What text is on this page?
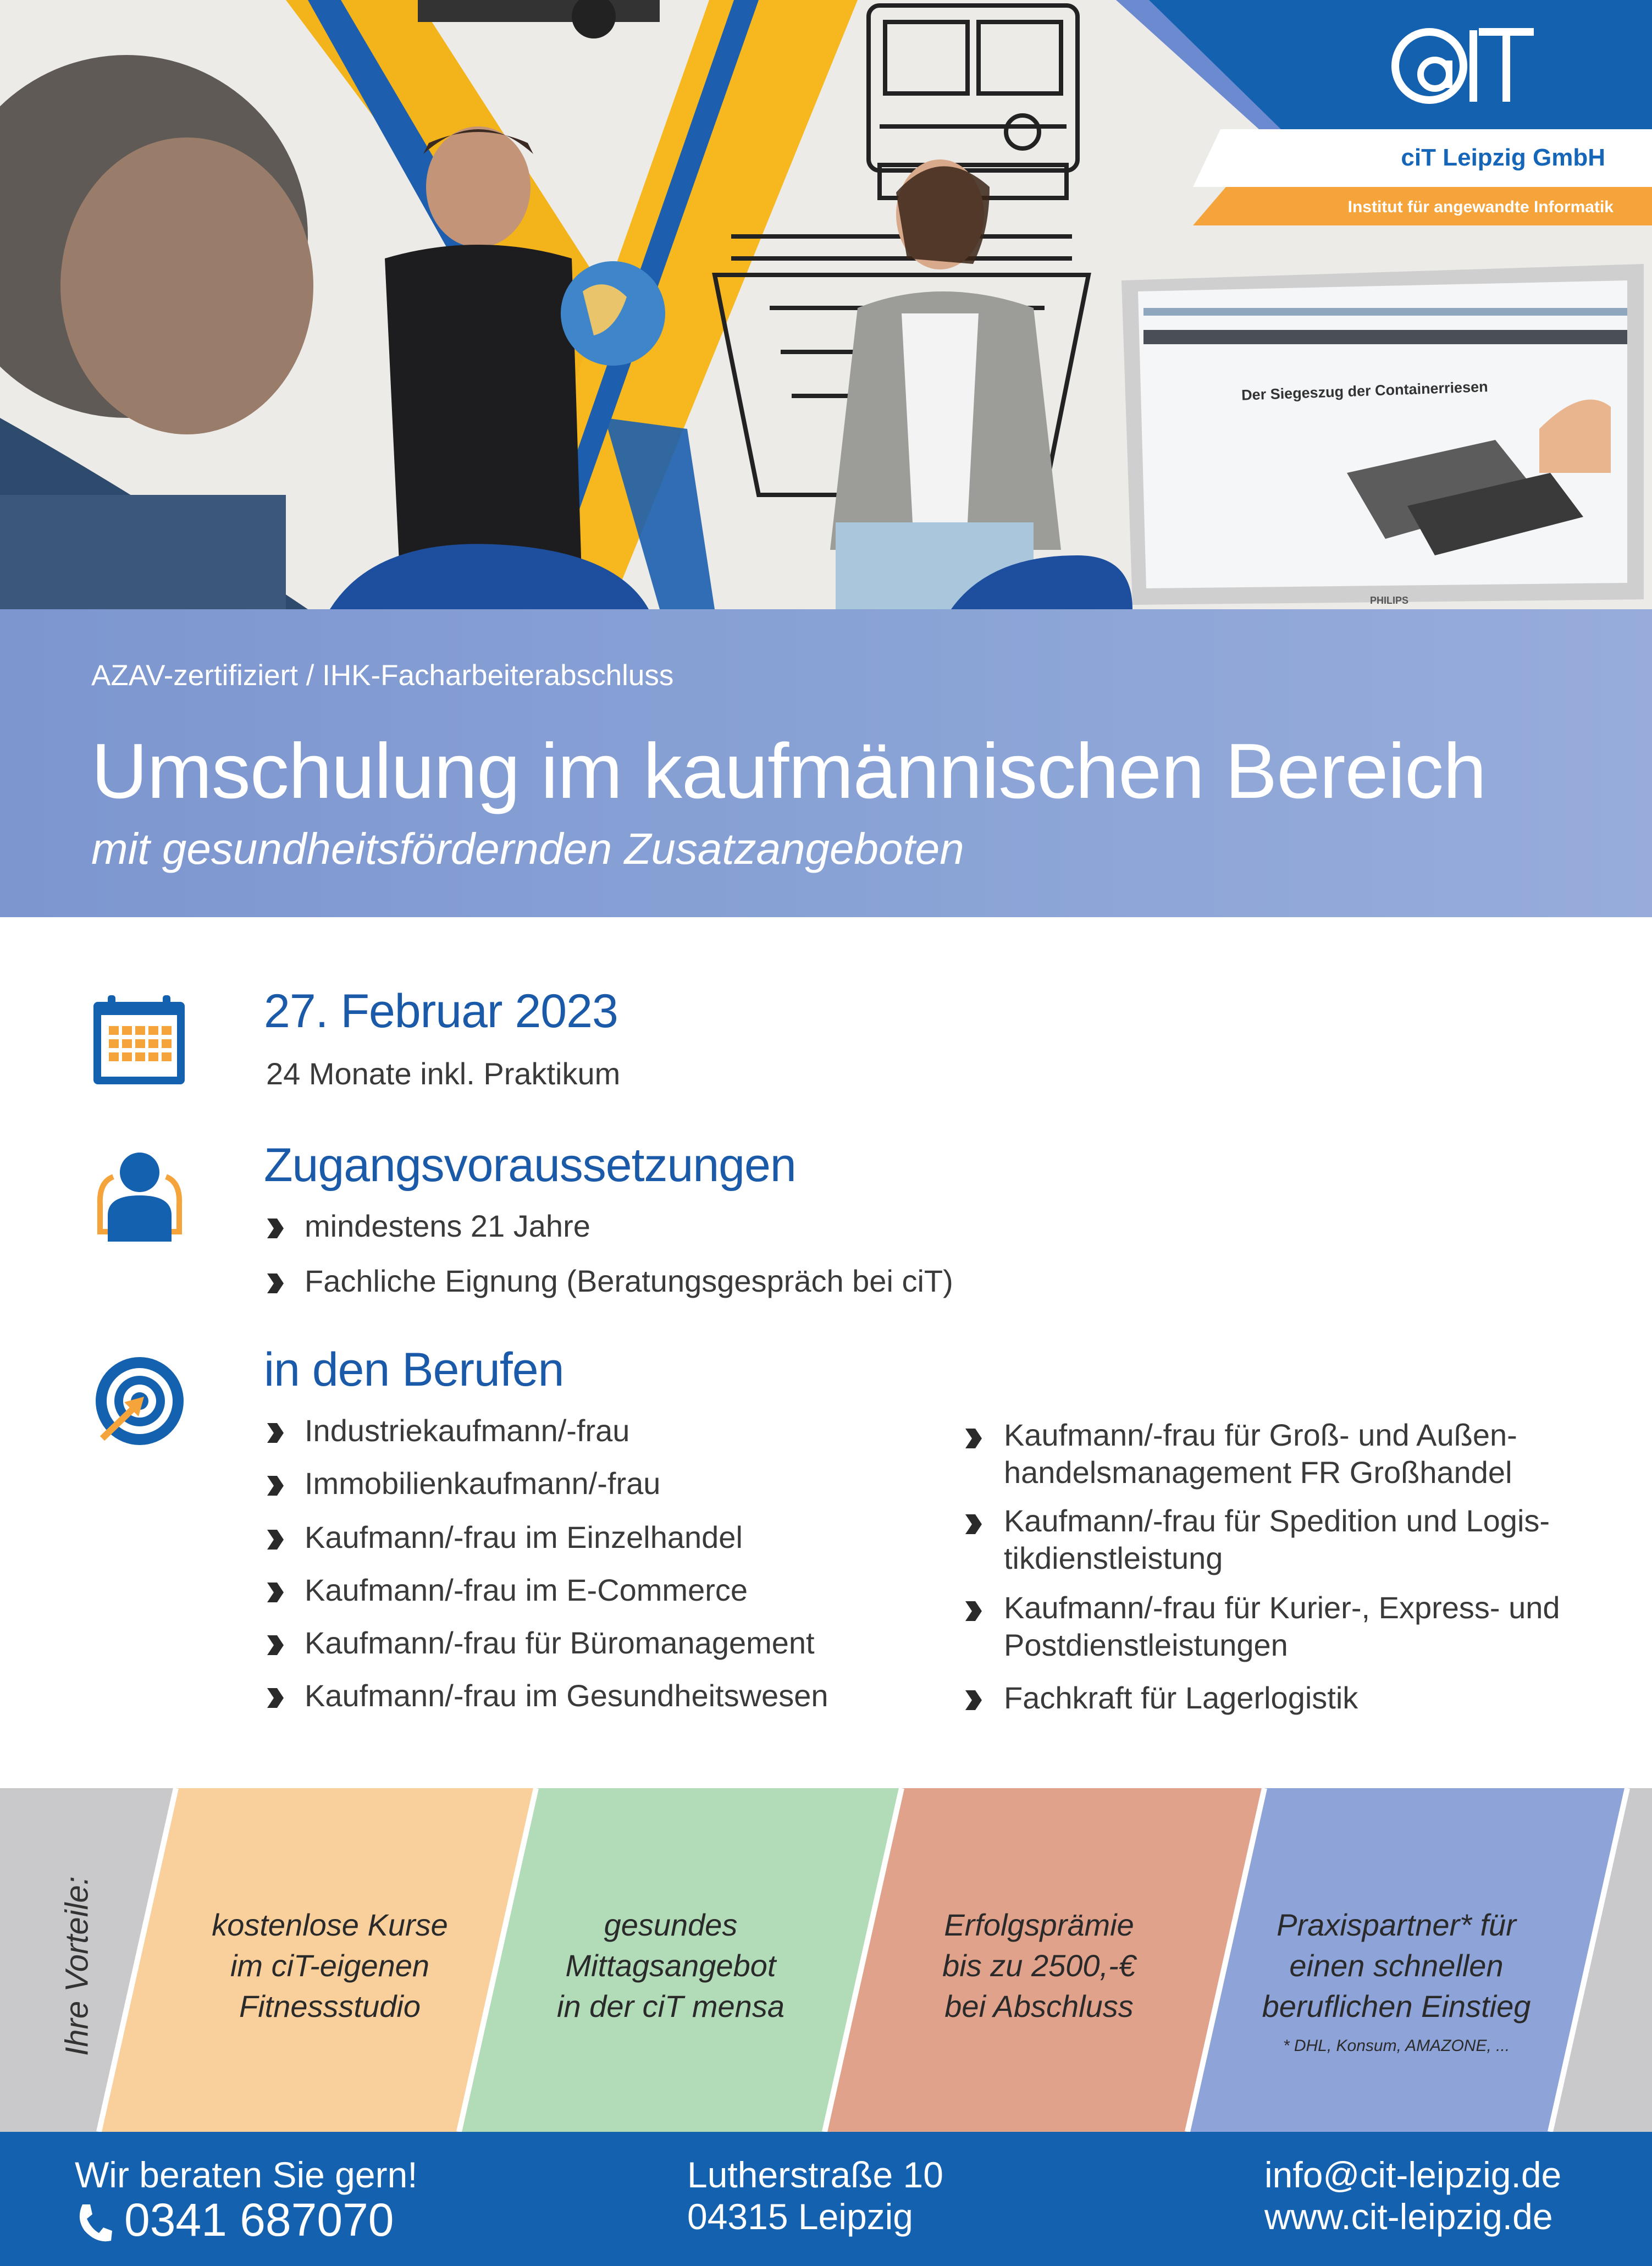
ciT Leipzig GmbH
Institut für angewandte Informatik
Der Siegeszug der Containerriesen
PHILIPS
AZAV-zertifiziert / IHK-Facharbeiterabschluss
Umschulung im kaufmännischen Bereich
mit gesundheitsfördernden Zusatzangeboten
27. Februar 2023
24 Monate inkl. Praktikum
Zugangsvoraussetzungen
mindestens 21 Jahre
Fachliche Eignung (Beratungsgespräch bei ciT)
in den Berufen
Industriekaufmann/-frau
Immobilienkaufmann/-frau
Kaufmann/-frau im Einzelhandel
Kaufmann/-frau im E-Commerce
Kaufmann/-frau für Büromanagement
Kaufmann/-frau im Gesundheitswesen
Kaufmann/-frau für Groß- und Außen-
handelsmanagement FR Großhandel
Kaufmann/-frau für Spedition und Logis-
tikdienstleistung
Kaufmann/-frau für Kurier-, Express- und
Postdienstleistungen
Fachkraft für Lagerlogistik
Ihre Vorteile:	kostenlose Kurse
im ciT-eigenen
Fitnessstudio
gesundes
Mittagsangebot
in der ciT mensa
Erfolgsprämie
bis zu 2500,-€
bei Abschluss
Praxispartner* für
einen schnellen
beruflichen Einstieg
* DHL, Konsum, AMAZONE, ...
Wir beraten Sie gern!
0341 687070
Lutherstraße 10
04315 Leipzig
info@cit-leipzig.de
www.cit-leipzig.de
